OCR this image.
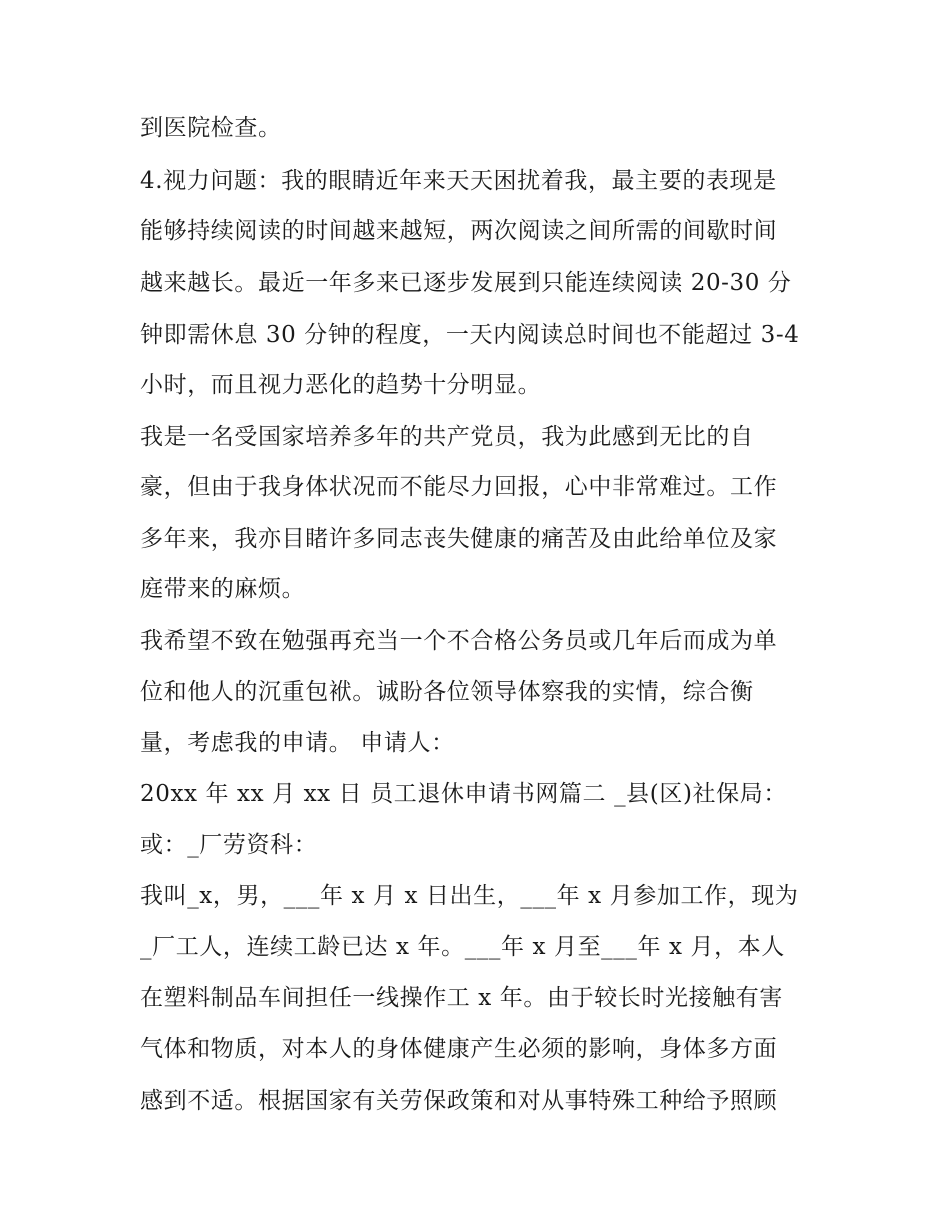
到医院检查。
4.视力问题：我的眼睛近年来天天困扰着我，最主要的表现是
能够持续阅读的时间越来越短，两次阅读之间所需的间歇时间
越来越长。最近一年多来已逐步发展到只能连续阅读 20-30 分
钟即需休息 30 分钟的程度，一天内阅读总时间也不能超过 3-4
小时，而且视力恶化的趋势十分明显。
我是一名受国家培养多年的共产党员，我为此感到无比的自
豪，但由于我身体状况而不能尽力回报，心中非常难过。工作
多年来，我亦目睹许多同志丧失健康的痛苦及由此给单位及家
庭带来的麻烦。
我希望不致在勉强再充当一个不合格公务员或几年后而成为单
位和他人的沉重包袱。诚盼各位领导体察我的实情，综合衡
量，考虑我的申请。 申请人：
20xx 年 xx 月 xx 日 员工退休申请书网篇二 _县(区)社保局：
或：_厂劳资科：
我叫_x，男，___年 x 月 x 日出生，___年 x 月参加工作，现为
_厂工人，连续工龄已达 x 年。___年 x 月至___年 x 月，本人
在塑料制品车间担任一线操作工 x 年。由于较长时光接触有害
气体和物质，对本人的身体健康产生必须的影响，身体多方面
感到不适。根据国家有关劳保政策和对从事特殊工种给予照顾
